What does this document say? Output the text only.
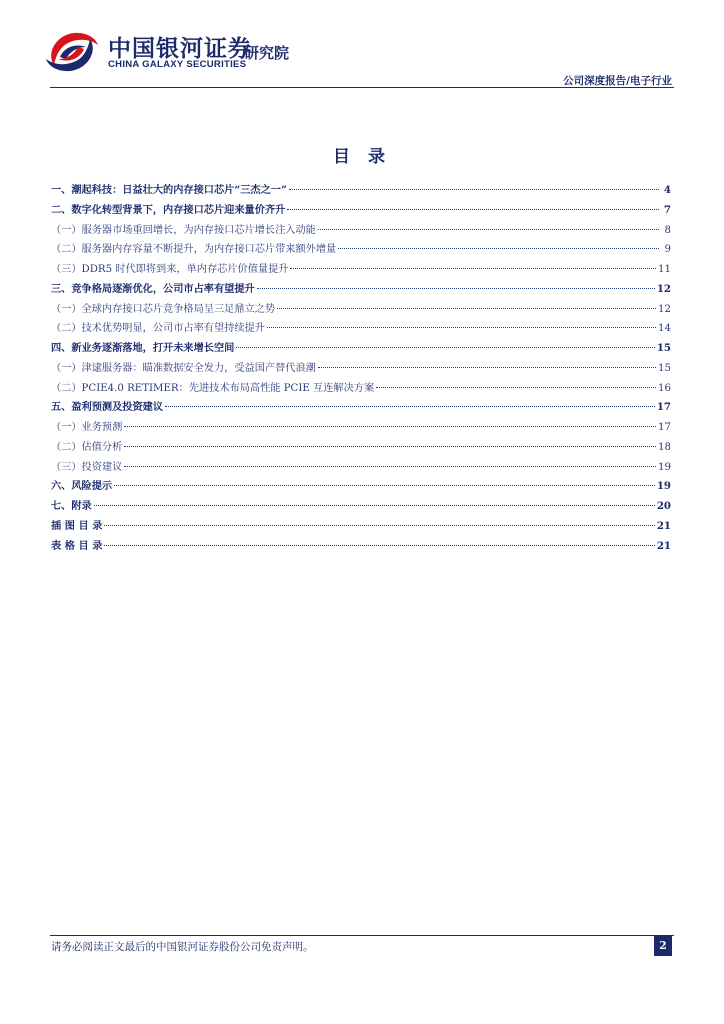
中国银河证券
CHINA GALAXY SECURITIES
研究院
公司深度报告/电子行业
目 录
一、潮起科技：日益壮大的内存接口芯片“三杰之一”	4
二、数字化转型背景下，内存接口芯片迎来量价齐升	7
（一）服务器市场重回增长，为内存接口芯片增长注入动能	8
（二）服务器内存容量不断提升，为内存接口芯片带来额外增量	9
（三）DDR5 时代即将到来，单内存芯片价值量提升	11
三、竞争格局逐渐优化，公司市占率有望提升	12
（一）全球内存接口芯片竞争格局呈三足鼎立之势	12
（二）技术优势明显，公司市占率有望持续提升	14
四、新业务逐渐落地，打开未来增长空间	15
（一）津逮服务器：瞄准数据安全发力，受益国产替代浪潮	15
（二）PCIE4.0 RETIMER：先进技术布局高性能 PCIE 互连解决方案	16
五、盈利预测及投资建议	17
（一）业务预测	17
（二）估值分析	18
（三）投资建议	19
六、风险提示	19
七、附录	20
插 图 目 录	21
表 格 目 录	21
请务必阅读正文最后的中国银河证券股份公司免责声明。	2
